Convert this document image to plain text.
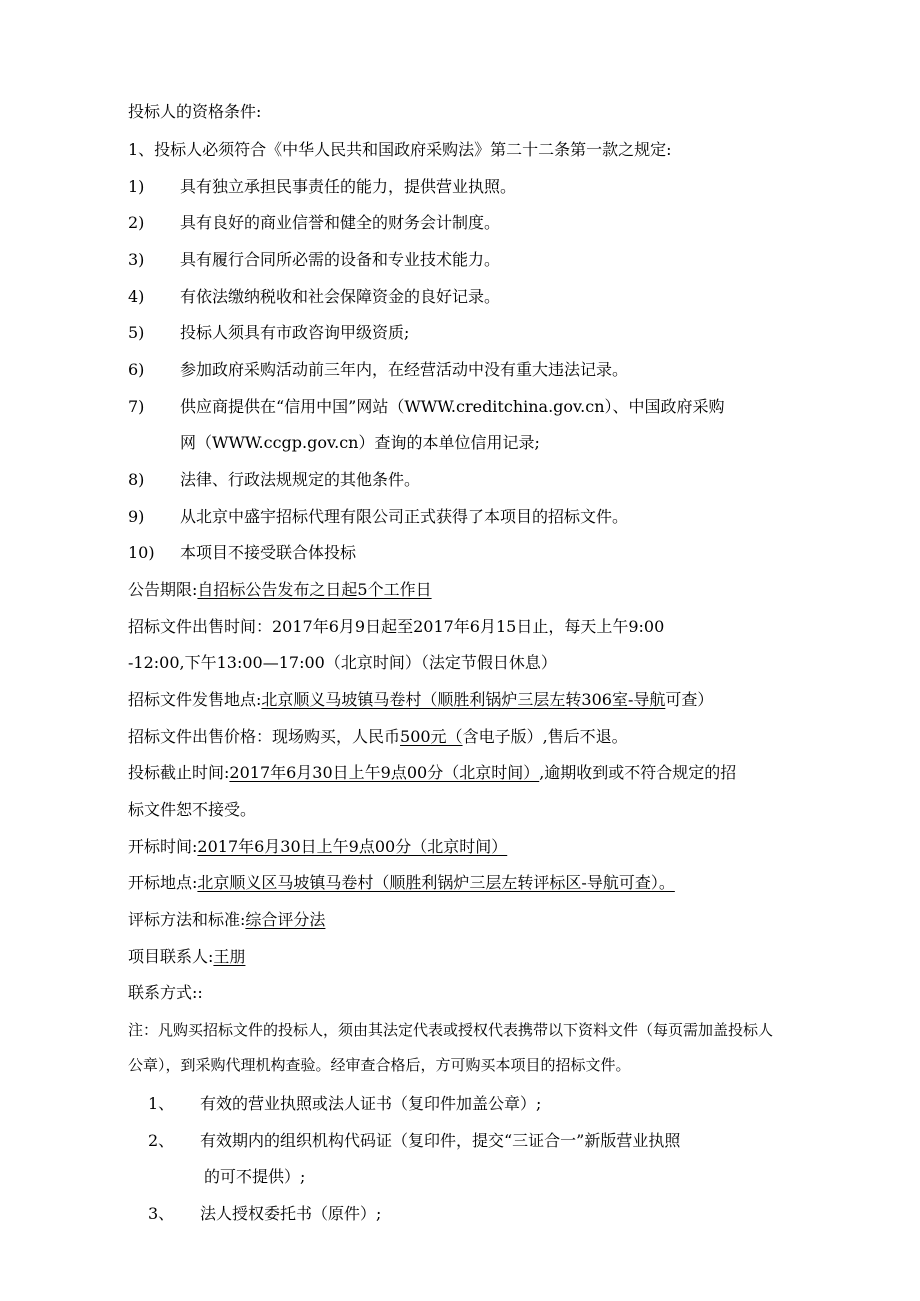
投标人的资格条件:
1、投标人必须符合《中华人民共和国政府采购法》第二十二条第一款之规定:
1) 具有独立承担民事责任的能力，提供营业执照。
2) 具有良好的商业信誉和健全的财务会计制度。
3) 具有履行合同所必需的设备和专业技术能力。
4) 有依法缴纳税收和社会保障资金的良好记录。
5) 投标人须具有市政咨询甲级资质;
6) 参加政府采购活动前三年内，在经营活动中没有重大违法记录。
7) 供应商提供在“信用中国”网站（WWW.creditchina.gov.cn）、中国政府采购
网（WWW.ccgp.gov.cn）查询的本单位信用记录;
8) 法律、行政法规规定的其他条件。
9) 从北京中盛宇招标代理有限公司正式获得了本项目的招标文件。
10) 本项目不接受联合体投标
公告期限:自招标公告发布之日起5个工作日
招标文件出售时间：2017年6月9日起至2017年6月15日止，每天上午9:00
-12:00,下午13:00—17:00（北京时间）（法定节假日休息）
招标文件发售地点:北京顺义马坡镇马卷村（顺胜利锅炉三层左转306室-导航可查）
招标文件出售价格：现场购买，人民币500元（含电子版）,售后不退。
投标截止时间:2017年6月30日上午9点00分（北京时间）,逾期收到或不符合规定的招
标文件恕不接受。
开标时间:2017年6月30日上午9点00分（北京时间）
开标地点:北京顺义区马坡镇马卷村（顺胜利锅炉三层左转评标区-导航可查）。
评标方法和标准:综合评分法
项目联系人:王朋
联系方式::
注：凡购买招标文件的投标人，须由其法定代表或授权代表携带以下资料文件（每页需加盖投标人
公章），到采购代理机构查验。经审查合格后，方可购买本项目的招标文件。
1、 有效的营业执照或法人证书（复印件加盖公章）;
2、 有效期内的组织机构代码证（复印件，提交“三证合一”新版营业执照
的可不提供）;
3、 法人授权委托书（原件）;
